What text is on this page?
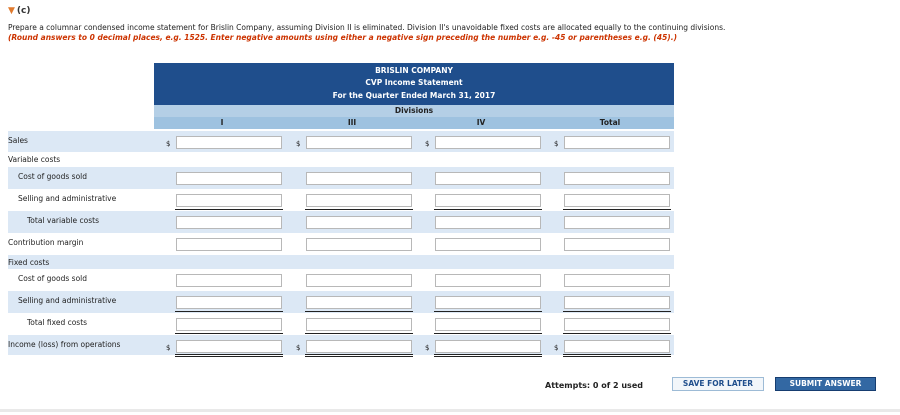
▼ (c)
Prepare a columnar condensed income statement for Brislin Company, assuming Division II is eliminated. Division II's unavoidable fixed costs are allocated equally to the continuing divisions.
(Round answers to 0 decimal places, e.g. 1525. Enter negative amounts using either a negative sign preceding the number e.g. -45 or parentheses e.g. (45).)
BRISLIN COMPANY
CVP Income Statement
For the Quarter Ended March 31, 2017
Divisions
I	III	IV	Total
Sales	$	$	$	$
Variable costs
Cost of goods sold
Selling and administrative
Total variable costs
Contribution margin
Fixed costs
Cost of goods sold
Selling and administrative
Total fixed costs
Income (loss) from operations	$	$	$	$
Attempts: 0 of 2 used	SAVE FOR LATER	SUBMIT ANSWER
